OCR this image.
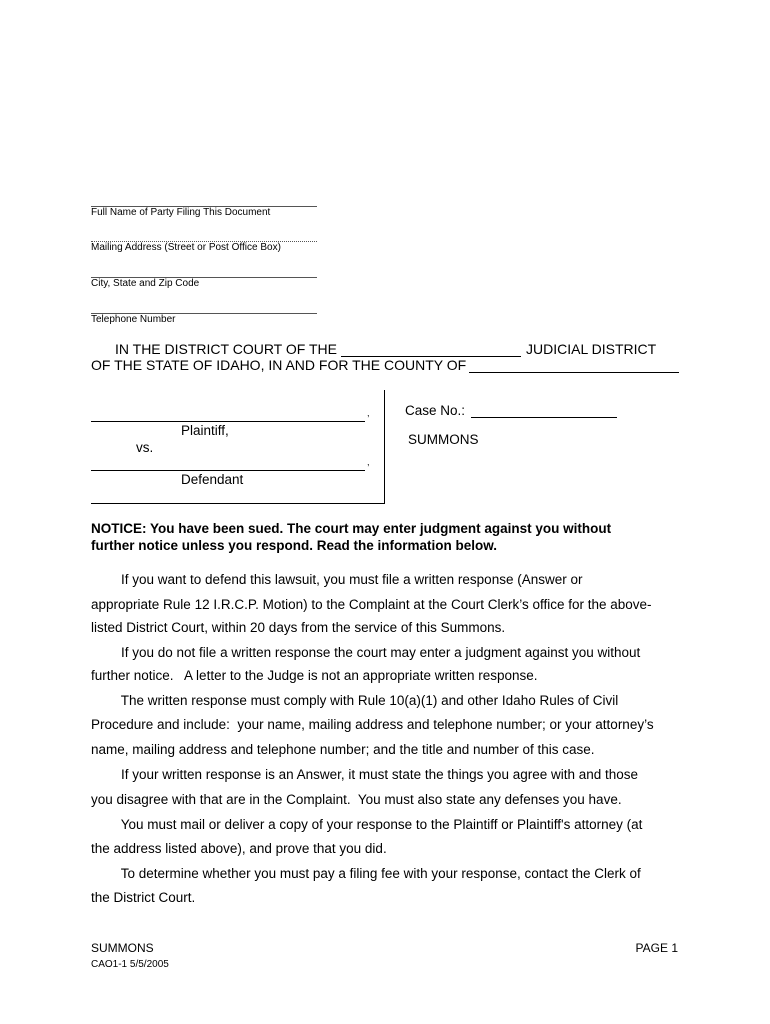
Full Name of Party Filing This Document
Mailing Address (Street or Post Office Box)
City, State and Zip Code
Telephone Number
IN THE DISTRICT COURT OF THE	JUDICIAL DISTRICT
OF THE STATE OF IDAHO, IN AND FOR THE COUNTY OF
,
Plaintiff,
vs.
,
Defendant
Case No.:
SUMMONS
NOTICE: You have been sued. The court may enter judgment against you without
further notice unless you respond. Read the information below.
If you want to defend this lawsuit, you must file a written response (Answer or
appropriate Rule 12 I.R.C.P. Motion) to the Complaint at the Court Clerk’s office for the above-
listed District Court, within 20 days from the service of this Summons.
If you do not file a written response the court may enter a judgment against you without
further notice.   A letter to the Judge is not an appropriate written response.
The written response must comply with Rule 10(a)(1) and other Idaho Rules of Civil
Procedure and include:  your name, mailing address and telephone number; or your attorney’s
name, mailing address and telephone number; and the title and number of this case.
If your written response is an Answer, it must state the things you agree with and those
you disagree with that are in the Complaint.  You must also state any defenses you have.
You must mail or deliver a copy of your response to the Plaintiff or Plaintiff's attorney (at
the address listed above), and prove that you did.
To determine whether you must pay a filing fee with your response, contact the Clerk of
the District Court.
SUMMONS
CAO1-1 5/5/2005
PAGE 1
